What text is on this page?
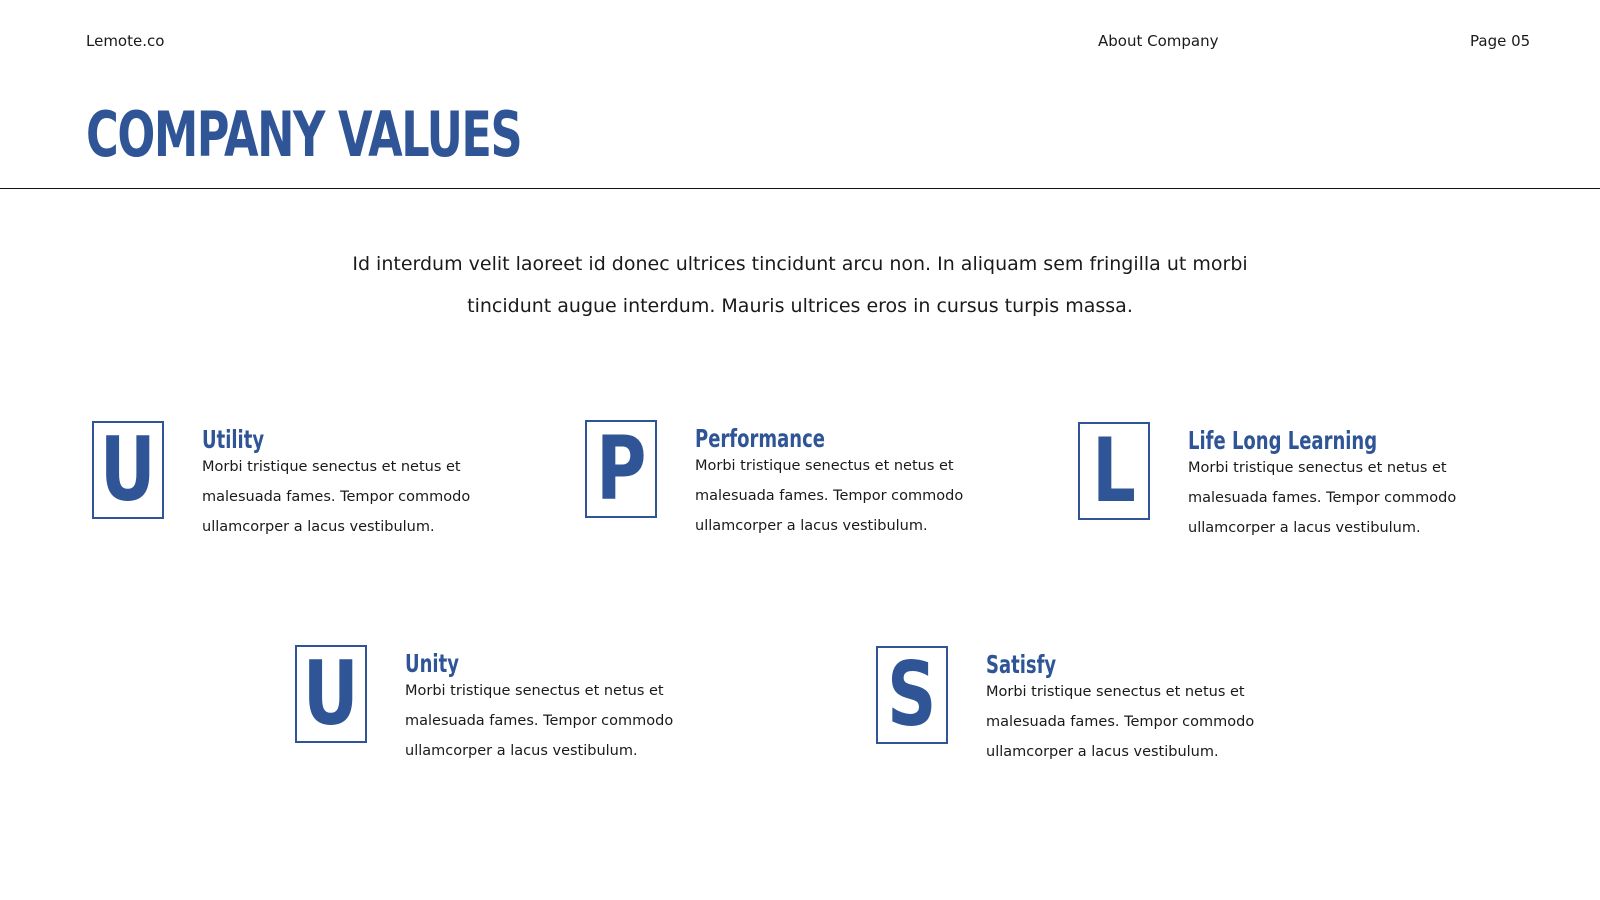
Lemote.co	About Company	Page 05
COMPANY VALUES

Id interdum velit laoreet id donec ultrices tincidunt arcu non. In aliquam sem fringilla ut morbi tincidunt augue interdum. Mauris ultrices eros in cursus turpis massa.

U Utility

Morbi tristique senectus et netus et malesuada fames. Tempor commodo ullamcorper a lacus vestibulum.

P Performance

Morbi tristique senectus et netus et malesuada fames. Tempor commodo ullamcorper a lacus vestibulum.

L Life Long Learning

Morbi tristique senectus et netus et malesuada fames. Tempor commodo ullamcorper a lacus vestibulum.

U Unity

Morbi tristique senectus et netus et malesuada fames. Tempor commodo ullamcorper a lacus vestibulum.

S Satisfy

Morbi tristique senectus et netus et malesuada fames. Tempor commodo ullamcorper a lacus vestibulum.
